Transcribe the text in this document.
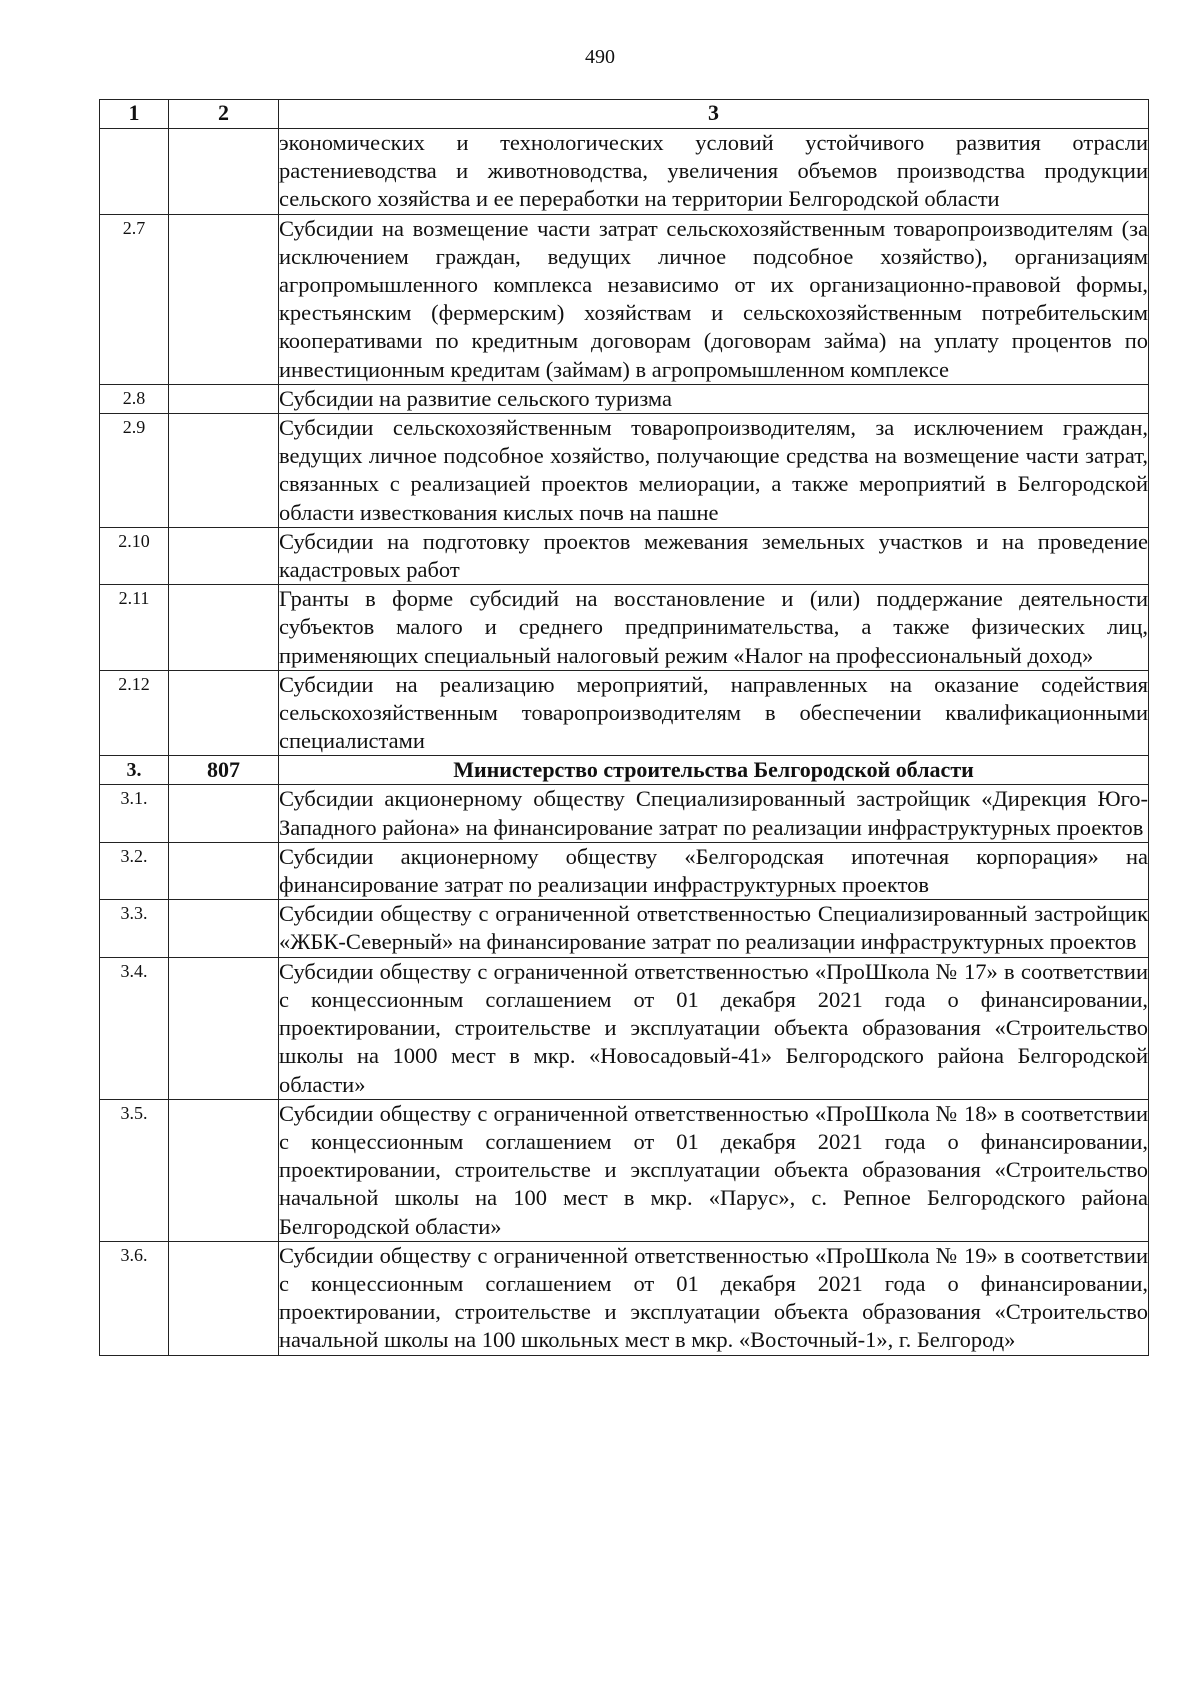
490
1	2	3
		экономических и технологических условий устойчивого развития отрасли растениеводства и животноводства, увеличения объемов производства продукции сельского хозяйства и ее переработки на территории Белгородской области
2.7		Субсидии на возмещение части затрат сельскохозяйственным товаропроизводителям (за исключением граждан, ведущих личное подсобное хозяйство), организациям агропромышленного комплекса независимо от их организационно-правовой формы, крестьянским (фермерским) хозяйствам и сельскохозяйственным потребительским кооперативами по кредитным договорам (договорам займа) на уплату процентов по инвестиционным кредитам (займам) в агропромышленном комплексе
2.8		Субсидии на развитие сельского туризма
2.9		Субсидии сельскохозяйственным товаропроизводителям, за исключением граждан, ведущих личное подсобное хозяйство, получающие средства на возмещение части затрат, связанных с реализацией проектов мелиорации, а также мероприятий в Белгородской области известкования кислых почв на пашне
2.10		Субсидии на подготовку проектов межевания земельных участков и на проведение кадастровых работ
2.11		Гранты в форме субсидий на восстановление и (или) поддержание деятельности субъектов малого и среднего предпринимательства, а также физических лиц, применяющих специальный налоговый режим «Налог на профессиональный доход»
2.12		Субсидии на реализацию мероприятий, направленных на оказание содействия сельскохозяйственным товаропроизводителям в обеспечении квалификационными специалистами
3.	807	Министерство строительства Белгородской области
3.1.		Субсидии акционерному обществу Специализированный застройщик «Дирекция Юго-Западного района» на финансирование затрат по реализации инфраструктурных проектов
3.2.		Субсидии акционерному обществу «Белгородская ипотечная корпорация» на финансирование затрат по реализации инфраструктурных проектов
3.3.		Субсидии обществу с ограниченной ответственностью Специализированный застройщик «ЖБК-Северный» на финансирование затрат по реализации инфраструктурных проектов
3.4.		Субсидии обществу с ограниченной ответственностью «ПроШкола № 17» в соответствии с концессионным соглашением от 01 декабря 2021 года о финансировании, проектировании, строительстве и эксплуатации объекта образования «Строительство школы на 1000 мест в мкр. «Новосадовый-41» Белгородского района Белгородской области»
3.5.		Субсидии обществу с ограниченной ответственностью «ПроШкола № 18» в соответствии с концессионным соглашением от 01 декабря 2021 года о финансировании, проектировании, строительстве и эксплуатации объекта образования «Строительство начальной школы на 100 мест в мкр. «Парус», с. Репное Белгородского района Белгородской области»
3.6.		Субсидии обществу с ограниченной ответственностью «ПроШкола № 19» в соответствии с концессионным соглашением от 01 декабря 2021 года о финансировании, проектировании, строительстве и эксплуатации объекта образования «Строительство начальной школы на 100 школьных мест в мкр. «Восточный-1», г. Белгород»
